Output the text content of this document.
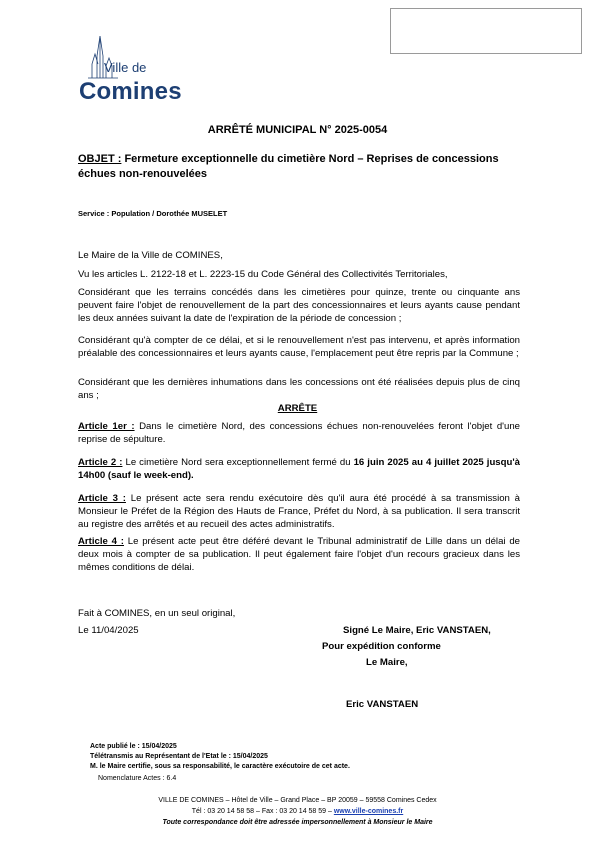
Ville de
Comines
ARRÊTÉ MUNICIPAL N° 2025-0054
OBJET : Fermeture exceptionnelle du cimetière Nord – Reprises de concessions échues non-renouvelées
Service : Population / Dorothée MUSELET
Le Maire de la Ville de COMINES,
Vu les articles L. 2122-18 et L. 2223-15 du Code Général des Collectivités Territoriales,
Considérant que les terrains concédés dans les cimetières pour quinze, trente ou cinquante ans peuvent faire l'objet de renouvellement de la part des concessionnaires et leurs ayants cause pendant les deux années suivant la date de l'expiration de la période de concession ;
Considérant qu'à compter de ce délai, et si le renouvellement n'est pas intervenu, et après information préalable des concessionnaires et leurs ayants cause, l'emplacement peut être repris par la Commune ;
Considérant que les dernières inhumations dans les concessions ont été réalisées depuis plus de cinq ans ;
ARRÊTE
Article 1er : Dans le cimetière Nord, des concessions échues non-renouvelées feront l'objet d'une reprise de sépulture.
Article 2 : Le cimetière Nord sera exceptionnellement fermé du 16 juin 2025 au 4 juillet 2025 jusqu'à 14h00 (sauf le week-end).
Article 3 : Le présent acte sera rendu exécutoire dès qu'il aura été procédé à sa transmission à Monsieur le Préfet de la Région des Hauts de France, Préfet du Nord, à sa publication. Il sera transcrit au registre des arrêtés et au recueil des actes administratifs.
Article 4 : Le présent acte peut être déféré devant le Tribunal administratif de Lille dans un délai de deux mois à compter de sa publication. Il peut également faire l'objet d'un recours gracieux dans les mêmes conditions de délai.
Fait à COMINES, en un seul original,
Le 11/04/2025	Signé Le Maire, Eric VANSTAEN,
Pour expédition conforme
Le Maire,
Eric VANSTAEN
Acte publié le : 15/04/2025
Télétransmis au Représentant de l'Etat le : 15/04/2025
M. le Maire certifie, sous sa responsabilité, le caractère exécutoire de cet acte.
Nomenclature Actes : 6.4
VILLE DE COMINES – Hôtel de Ville – Grand Place – BP 20059 – 59558 Comines Cedex
Tél : 03 20 14 58 58 – Fax : 03 20 14 58 59 – www.ville-comines.fr
Toute correspondance doit être adressée impersonnellement à Monsieur le Maire
